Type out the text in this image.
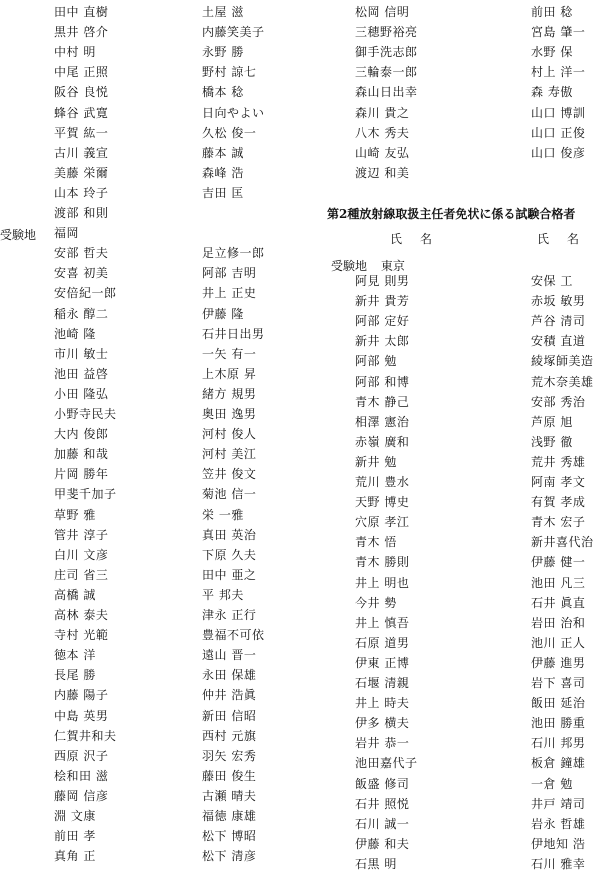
受験地
田中 直樹
黒井 啓介
中村 明
中尾 正照
阪谷 良悦
蜂谷 武寛
平賀 紘一
古川 義宣
美藤 栄爾
山本 玲子
渡部 和則
福岡
安部 哲夫
安喜 初美
安倍紀一郎
稲永 醇二
池崎 隆
市川 敏士
池田 益啓
小田 隆弘
小野寺民夫
大内 俊郎
加藤 和哉
片岡 勝年
甲斐千加子
草野 雅
管井 淳子
白川 文彦
庄司 省三
高橋 誠
高林 泰夫
寺村 光範
徳本 洋
長尾 勝
内藤 陽子
中島 英男
仁賀井和夫
西原 沢子
桧和田 滋
藤岡 信彦
淵 文康
前田 孝
真角 正
土屋 滋
内藤笑美子
永野 勝
野村 諒七
橋本 稔
日向やよい
久松 俊一
藤本 誠
森峰 浩
吉田 匡
足立修一郎
阿部 吉明
井上 正史
伊藤 隆
石井日出男
一矢 有一
上木原 昇
緒方 規男
奥田 逸男
河村 俊人
河村 美江
笠井 俊文
菊池 信一
栄 一雅
真田 英治
下原 久夫
田中 亜之
平 邦夫
津永 正行
豊福不可依
遠山 晋一
永田 保雄
仲井 浩眞
新田 信昭
西村 元旗
羽矢 宏秀
藤田 俊生
古瀬 晴夫
福徳 康雄
松下 博昭
松下 清彦
松岡 信明
三穂野裕亮
御手洗志郎
三輪泰一郎
森山日出幸
森川 貴之
八木 秀夫
山崎 友弘
渡辺 和美
前田 稔
宮島 肇一
水野 保
村上 洋一
森 寿傲
山口 博訓
山口 正俊
山口 俊彦
第2種放射線取扱主任者免状に係る試験合格者
氏名	氏名
受験地 東京
阿見 則男
新井 貴芳
阿部 定好
新井 太郎
阿部 勉
阿部 和博
青木 静己
相澤 憲治
赤嶺 廣和
新井 勉
荒川 豊水
天野 博史
穴原 孝江
青木 悟
青木 勝則
井上 明也
今井 勢
井上 慎吾
石原 道男
伊東 正博
石堰 清親
井上 時夫
伊多 横夫
岩井 恭一
池田嘉代子
飯盛 修司
石井 照悦
石川 誠一
伊藤 和夫
石黒 明
安保 工
赤坂 敏男
芦谷 清司
安積 直道
綾塚師美造
荒木奈美雄
安部 秀治
芦原 旭
浅野 徹
荒井 秀雄
阿南 孝文
有賀 孝成
青木 宏子
新井喜代治
伊藤 健一
池田 凡三
石井 眞直
岩田 治和
池川 正人
伊藤 進男
岩下 喜司
飯田 延治
池田 勝重
石川 邦男
板倉 鐘雄
一倉 勉
井戸 靖司
岩永 哲雄
伊地知 浩
石川 雅幸
